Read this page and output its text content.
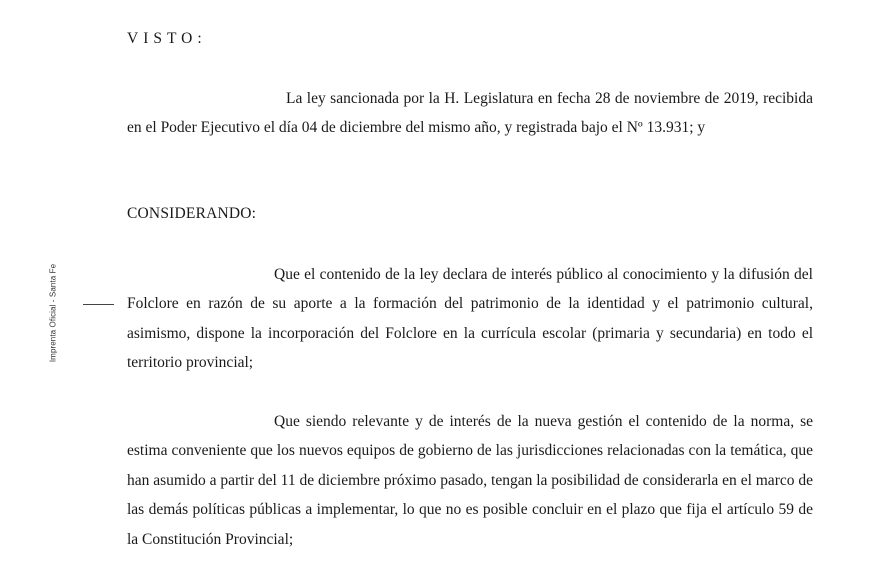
Imprenta Oficial - Santa Fe
VISTO:

La ley sancionada por la H. Legislatura en fecha 28 de noviembre de 2019, recibida en el Poder Ejecutivo el día 04 de diciembre del mismo año, y registrada bajo el Nº 13.931; y

CONSIDERANDO:

Que el contenido de la ley declara de interés público al conocimiento y la difusión del Folclore en razón de su aporte a la formación del patrimonio de la identidad y el patrimonio cultural, asimismo, dispone la incorporación del Folclore en la currícula escolar (primaria y secundaria) en todo el territorio provincial;

Que siendo relevante y de interés de la nueva gestión el contenido de la norma, se estima conveniente que los nuevos equipos de gobierno de las jurisdicciones relacionadas con la temática, que han asumido a partir del 11 de diciembre próximo pasado, tengan la posibilidad de considerarla en el marco de las demás políticas públicas a implementar, lo que no es posible concluir en el plazo que fija el artículo 59 de la Constitución Provincial;
